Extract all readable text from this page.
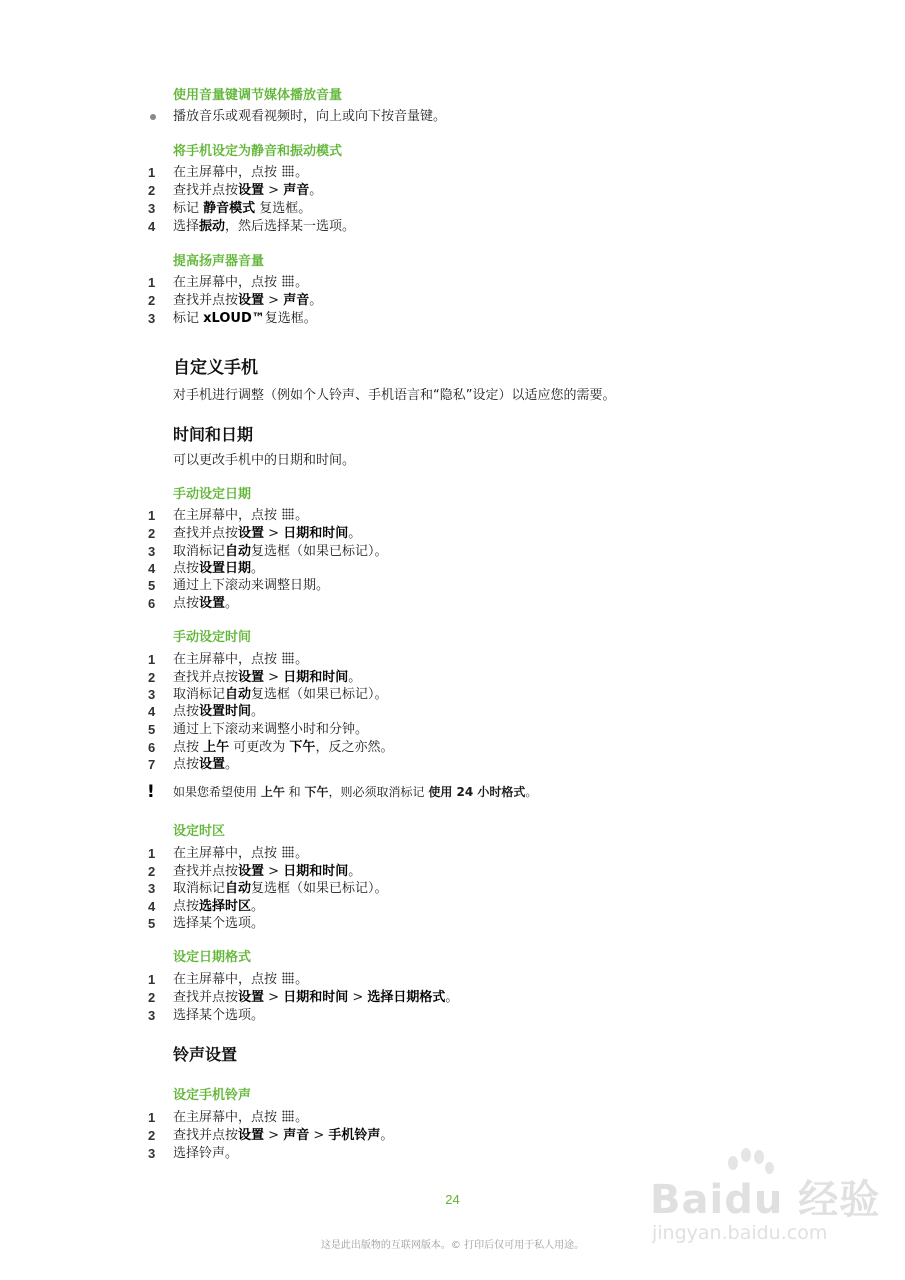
使用音量键调节媒体播放音量
播放音乐或观看视频时，向上或向下按音量键。
将手机设定为静音和振动模式
1	在主屏幕中，点按 。
2	查找并点按设置 > 声音。
3	标记 静音模式 复选框。
4	选择振动，然后选择某一选项。
提高扬声器音量
1	在主屏幕中，点按 。
2	查找并点按设置 > 声音。
3	标记 xLOUD™复选框。
自定义手机
对手机进行调整（例如个人铃声、手机语言和“隐私”设定）以适应您的需要。
时间和日期
可以更改手机中的日期和时间。
手动设定日期
1	在主屏幕中，点按 。
2	查找并点按设置 > 日期和时间。
3	取消标记自动复选框（如果已标记）。
4	点按设置日期。
5	通过上下滚动来调整日期。
6	点按设置。
手动设定时间
1	在主屏幕中，点按 。
2	查找并点按设置 > 日期和时间。
3	取消标记自动复选框（如果已标记）。
4	点按设置时间。
5	通过上下滚动来调整小时和分钟。
6	点按 上午 可更改为 下午，反之亦然。
7	点按设置。
! 如果您希望使用 上午 和 下午，则必须取消标记 使用 24 小时格式。
设定时区
1	在主屏幕中，点按 。
2	查找并点按设置 > 日期和时间。
3	取消标记自动复选框（如果已标记）。
4	点按选择时区。
5	选择某个选项。
设定日期格式
1	在主屏幕中，点按 。
2	查找并点按设置 > 日期和时间 > 选择日期格式。
3	选择某个选项。
铃声设置
设定手机铃声
1	在主屏幕中，点按 。
2	查找并点按设置 > 声音 > 手机铃声。
3	选择铃声。
24
这是此出版物的互联网版本。© 打印后仅可用于私人用途。
Baidu 经验
jingyan.baidu.com
